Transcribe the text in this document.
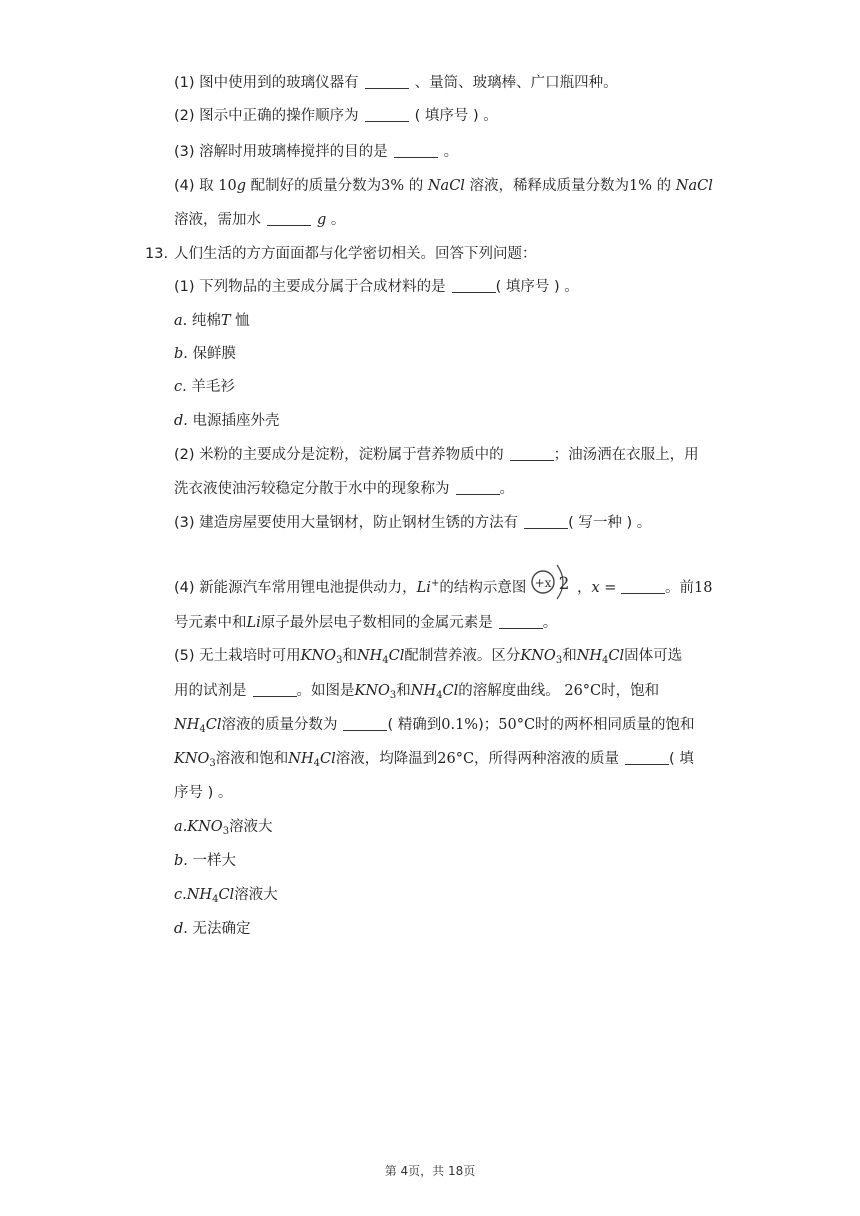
(1) 图中使用到的玻璃仪器有	、量筒、玻璃棒、广口瓶四种。
(2) 图示中正确的操作顺序为	( 填序号 ) 。
(3) 溶解时用玻璃棒搅拌的目的是	。
(4) 取 10g 配制好的质量分数为3% 的 NaCl 溶液，稀释成质量分数为1% 的 NaCl
溶液，需加水	g 。
13. 人们生活的方方面面都与化学密切相关。回答下列问题：
(1) 下列物品的主要成分属于合成材料的是	( 填序号 ) 。
a. 纯棉T 恤
b. 保鲜膜
c. 羊毛衫
d. 电源插座外壳
(2) 米粉的主要成分是淀粉，淀粉属于营养物质中的	；油汤洒在衣服上，用
洗衣液使油污较稳定分散于水中的现象称为	。
(3) 建造房屋要使用大量钢材，防止钢材生锈的方法有	( 写一种 ) 。
(4) 新能源汽车常用锂电池提供动力，Li+的结构示意图 +x 2 ，x =	。前18
号元素中和Li原子最外层电子数相同的金属元素是	。
(5) 无土栽培时可用$KNO_3$和$NH_4Cl$配制营养液。区分$KNO_3$和$NH_4Cl$固体可选
用的试剂是	。如图是$KNO_3$和$NH_4Cl$的溶解度曲线。 26°C时，饱和
$NH_4Cl$溶液的质量分数为	( 精确到0.1%)；50°C时的两杯相同质量的饱和
$KNO_3$溶液和饱和$NH_4Cl$溶液，均降温到26°C，所得两种溶液的质量	( 填
序号 ) 。
$a.KNO_3$溶液大
b. 一样大
$c.NH_4Cl$溶液大
d. 无法确定
第 4页，共 18页
